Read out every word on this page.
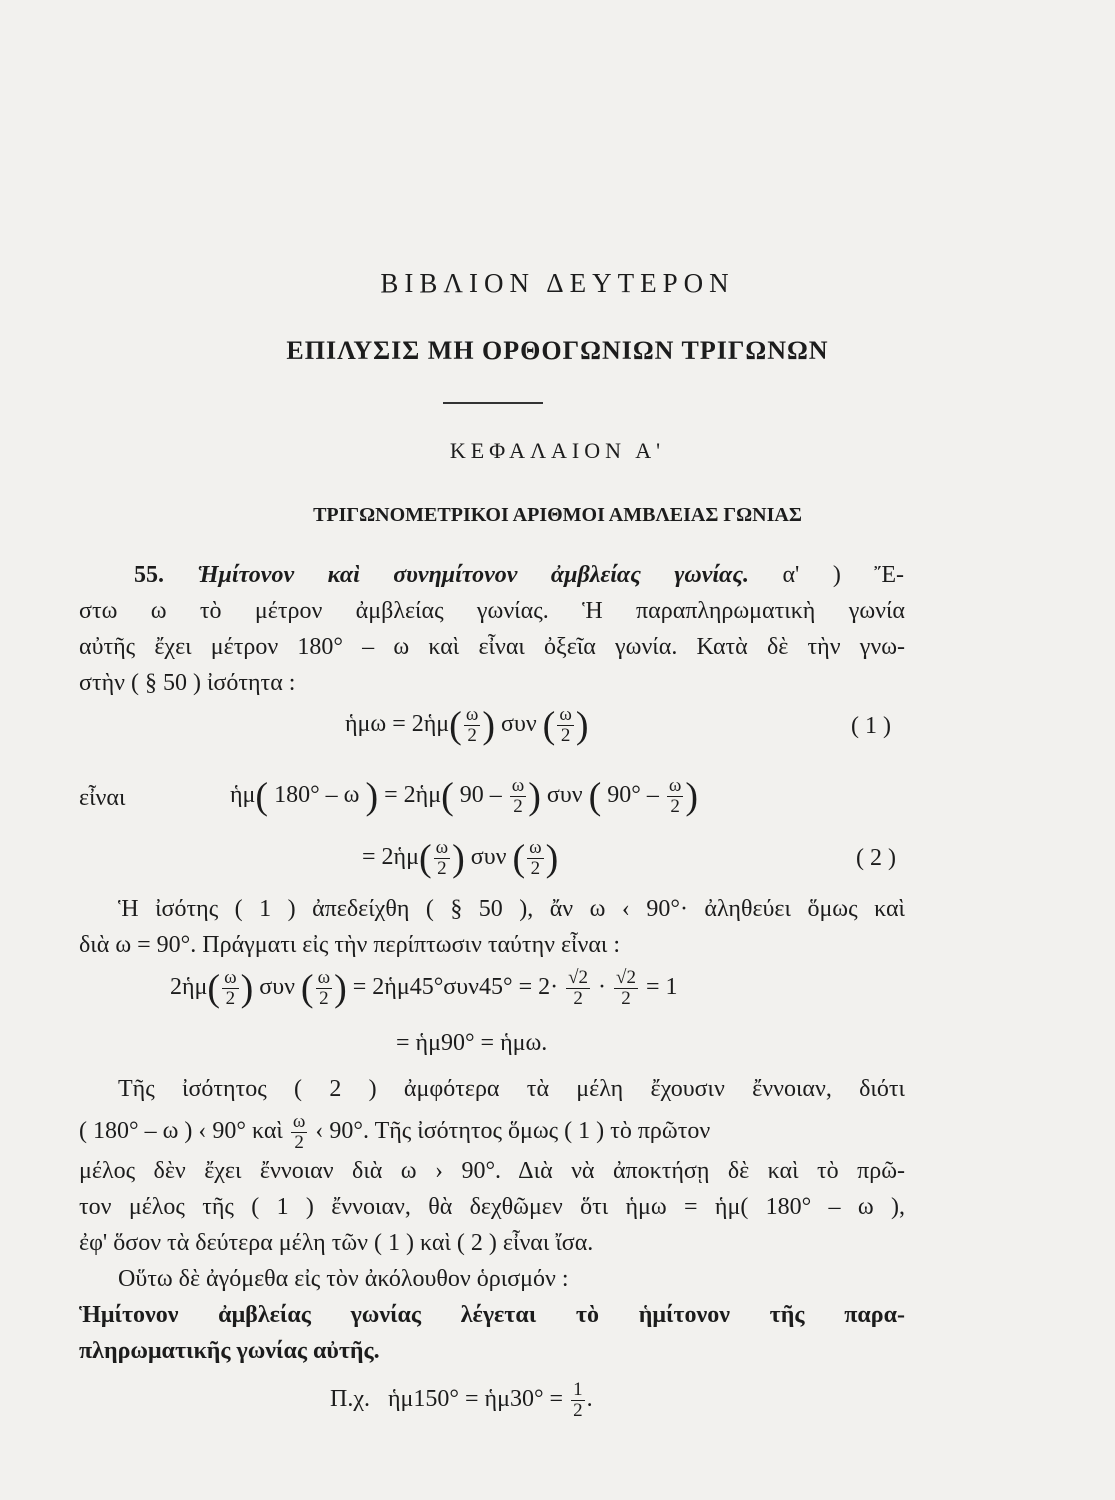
ΒΙΒΛΙΟΝ ΔΕΥΤΕΡΟΝ
ΕΠΙΛΥΣΙΣ ΜΗ ΟΡΘΟΓΩΝΙΩΝ ΤΡΙΓΩΝΩΝ
ΚΕΦΑΛΑΙΟΝ Α'
ΤΡΙΓΩΝΟΜΕΤΡΙΚΟΙ ΑΡΙΘΜΟΙ ΑΜΒΛΕΙΑΣ ΓΩΝΙΑΣ
55. Ἡμίτονον καὶ συνημίτονον ἀμβλείας γωνίας. α' ) Ἔ-
στω ω τὸ μέτρον ἀμβλείας γωνίας. Ἡ παραπληρωματικὴ γωνία
αὐτῆς ἔχει μέτρον 180° – ω καὶ εἶναι ὀξεῖα γωνία. Κατὰ δὲ τὴν γνω-
στὴν ( § 50 ) ἰσότητα :
ἡμω = 2ἡμ( $\frac{\omega}{2}$ ) συν ( $\frac{\omega}{2}$ )	( 1 )
εἶναι	ἡμ( 180° – ω ) = 2ἡμ( $90 - \frac{\omega}{2}$ ) συν ( $90^\circ - \frac{\omega}{2}$ )
= 2ἡμ( $\frac{\omega}{2}$ ) συν ( $\frac{\omega}{2}$ )	( 2 )
Ἡ ἰσότης ( 1 ) ἀπεδείχθη ( § 50 ), ἄν ω ‹ 90°· ἀληθεύει ὅμως καὶ
διὰ ω = 90°. Πράγματι εἰς τὴν περίπτωσιν ταύτην εἶναι :
2ἡμ( $\frac{\omega}{2}$ ) συν ( $\frac{\omega}{2}$ ) = 2ἡμ45°συν45° = $2\cdot \frac{√2}{2} \cdot \frac{√2}{2} = 1$
= ἡμ90° = ἡμω.
Τῆς ἰσότητος ( 2 ) ἀμφότερα τὰ μέλη ἔχουσιν ἔννοιαν, διότι
( 180° – ω ) ‹ 90° καὶ $\frac{\omega}{2}$ ‹ 90°. Τῆς ἰσότητος ὅμως ( 1 ) τὸ πρῶτον
μέλος δὲν ἔχει ἔννοιαν διὰ ω › 90°. Διὰ νὰ ἀποκτήσῃ δὲ καὶ τὸ πρῶ-
τον μέλος τῆς ( 1 ) ἔννοιαν, θὰ δεχθῶμεν ὅτι ἡμω = ἡμ( 180° – ω ),
ἐφ' ὅσον τὰ δεύτερα μέλη τῶν ( 1 ) καὶ ( 2 ) εἶναι ἴσα.
Οὕτω δὲ ἀγόμεθα εἰς τὸν ἀκόλουθον ὁρισμόν :
Ἡμίτονον ἀμβλείας γωνίας λέγεται τὸ ἡμίτονον τῆς παρα-
πληρωματικῆς γωνίας αὐτῆς.
Π.χ.   ἡμ150° = ἡμ30° = $\frac{1}{2}$ .
